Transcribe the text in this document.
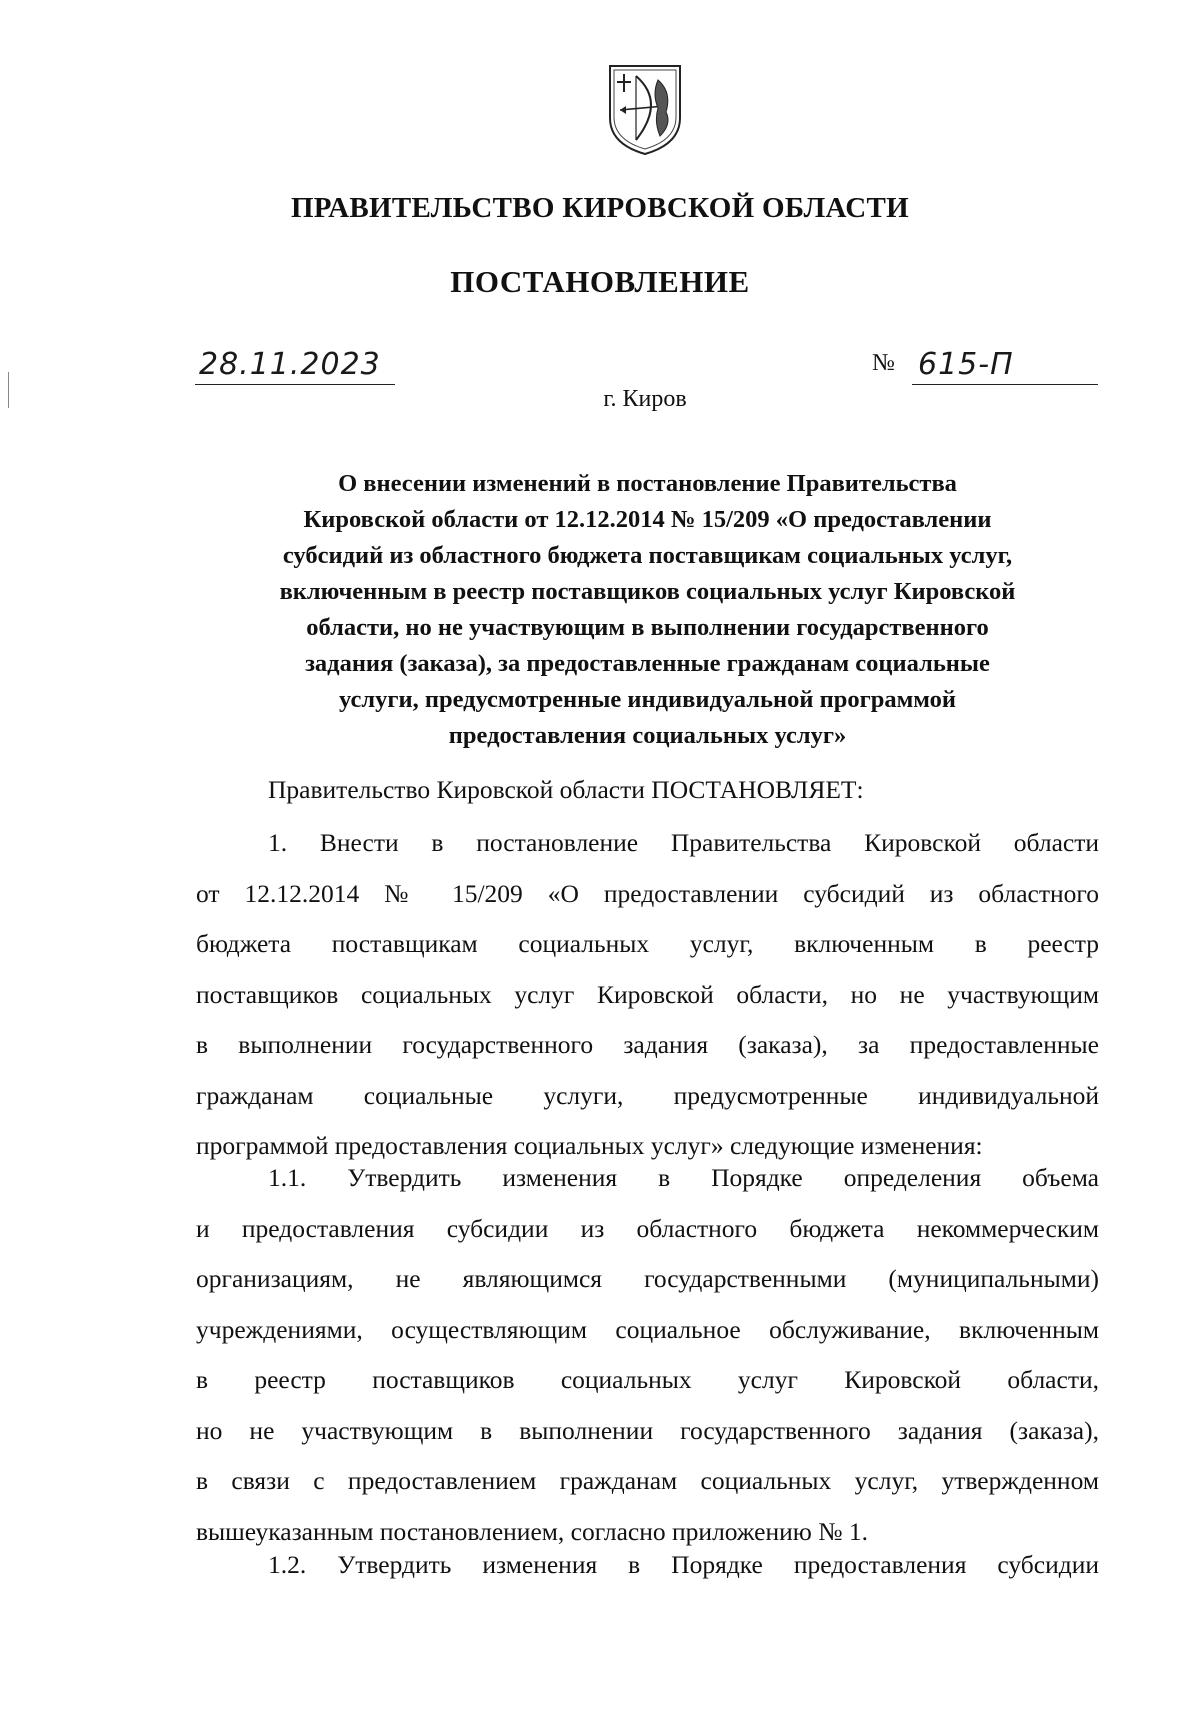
ПРАВИТЕЛЬСТВО КИРОВСКОЙ ОБЛАСТИ
ПОСТАНОВЛЕНИЕ
28.11.2023	№ 615-П
г. Киров
О внесении изменений в постановление Правительства
Кировской области от 12.12.2014 № 15/209 «О предоставлении
субсидий из областного бюджета поставщикам социальных услуг,
включенным в реестр поставщиков социальных услуг Кировской
области, но не участвующим в выполнении государственного
задания (заказа), за предоставленные гражданам социальные
услуги, предусмотренные индивидуальной программой
предоставления социальных услуг»
Правительство Кировской области ПОСТАНОВЛЯЕТ:
1. Внести в постановление Правительства Кировской области
от 12.12.2014 № 15/209 «О предоставлении субсидий из областного
бюджета поставщикам социальных услуг, включенным в реестр
поставщиков социальных услуг Кировской области, но не участвующим
в выполнении государственного задания (заказа), за предоставленные
гражданам социальные услуги, предусмотренные индивидуальной
программой предоставления социальных услуг» следующие изменения:
1.1. Утвердить изменения в Порядке определения объема
и предоставления субсидии из областного бюджета некоммерческим
организациям, не являющимся государственными (муниципальными)
учреждениями, осуществляющим социальное обслуживание, включенным
в реестр поставщиков социальных услуг Кировской области,
но не участвующим в выполнении государственного задания (заказа),
в связи с предоставлением гражданам социальных услуг, утвержденном
вышеуказанным постановлением, согласно приложению № 1.
1.2. Утвердить изменения в Порядке предоставления субсидии
